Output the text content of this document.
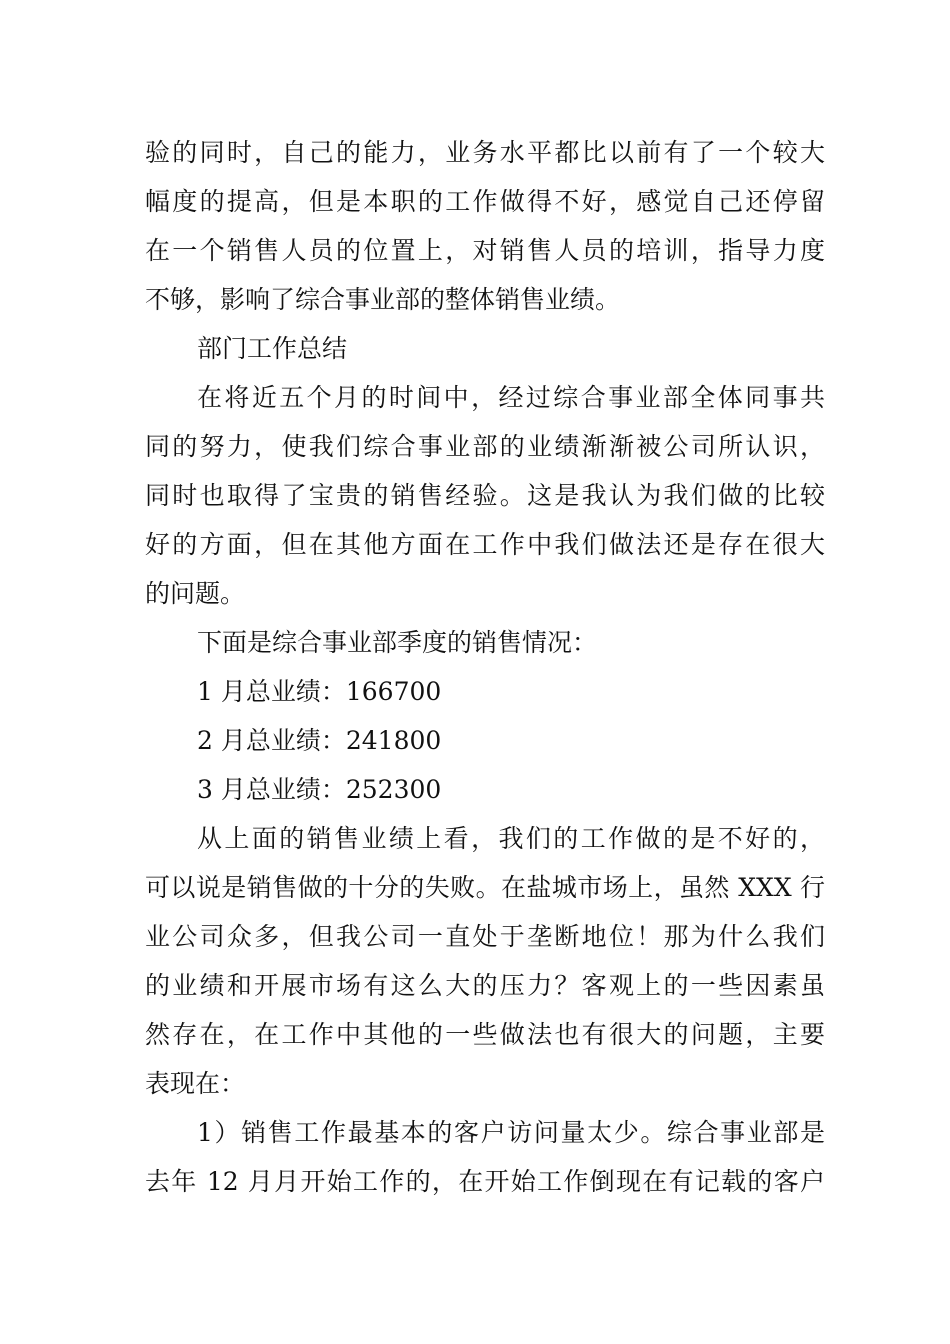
验的同时，自己的能力，业务水平都比以前有了一个较大
幅度的提高，但是本职的工作做得不好，感觉自己还停留
在一个销售人员的位置上，对销售人员的培训，指导力度
不够，影响了综合事业部的整体销售业绩。
部门工作总结
在将近五个月的时间中，经过综合事业部全体同事共
同的努力，使我们综合事业部的业绩渐渐被公司所认识，
同时也取得了宝贵的销售经验。这是我认为我们做的比较
好的方面，但在其他方面在工作中我们做法还是存在很大
的问题。
下面是综合事业部季度的销售情况：
1 月总业绩：166700
2 月总业绩：241800
3 月总业绩：252300
从上面的销售业绩上看，我们的工作做的是不好的，
可以说是销售做的十分的失败。在盐城市场上，虽然 XXX 行
业公司众多，但我公司一直处于垄断地位！那为什么我们
的业绩和开展市场有这么大的压力？客观上的一些因素虽
然存在，在工作中其他的一些做法也有很大的问题，主要
表现在：
1）销售工作最基本的客户访问量太少。综合事业部是
去年 12 月月开始工作的，在开始工作倒现在有记载的客户
